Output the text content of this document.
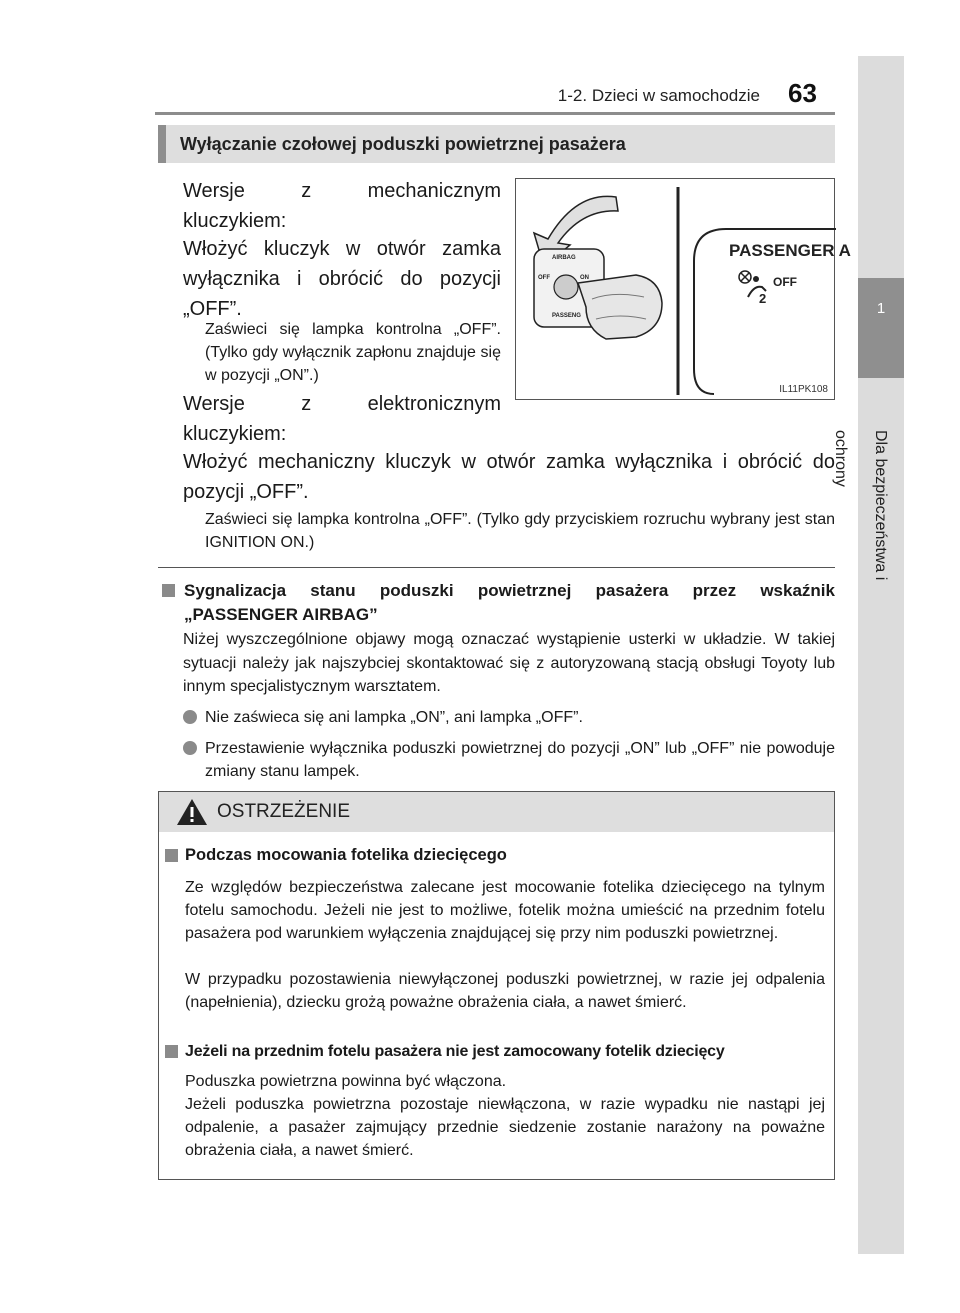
1-2. Dzieci w samochodzie 63
1
Dla bezpieczeństwa i ochrony
Wyłączanie czołowej poduszki powietrznej pasażera
Wersje z mechanicznym kluczykiem:
Włożyć kluczyk w otwór zamka wyłącznika i obrócić do pozycji „OFF”.
Zaświeci się lampka kontrolna „OFF”. (Tylko gdy wyłącznik zapłonu znajduje się w pozycji „ON”.)
2
PASSENGER A
OFF
AIRBAG
OFF	ON
PASSENG
IL11PK108
Wersje z elektronicznym kluczykiem:
Włożyć mechaniczny kluczyk w otwór zamka wyłącznika i obrócić do pozycji „OFF”.
Zaświeci się lampka kontrolna „OFF”. (Tylko gdy przyciskiem rozruchu wybrany jest stan IGNITION ON.)
Sygnalizacja stanu poduszki powietrznej pasażera przez wskaźnik „PASSENGER AIRBAG”
Niżej wyszczególnione objawy mogą oznaczać wystąpienie usterki w układzie. W takiej sytuacji należy jak najszybciej skontaktować się z autoryzowaną stacją obsługi Toyoty lub innym specjalistycznym warsztatem.
Nie zaświeca się ani lampka „ON”, ani lampka „OFF”.
Przestawienie wyłącznika poduszki powietrznej do pozycji „ON” lub „OFF” nie powoduje zmiany stanu lampek.
OSTRZEŻENIE
Podczas mocowania fotelika dziecięcego
Ze względów bezpieczeństwa zalecane jest mocowanie fotelika dziecięcego na tylnym fotelu samochodu. Jeżeli nie jest to możliwe, fotelik można umieścić na przednim fotelu pasażera pod warunkiem wyłączenia znajdującej się przy nim poduszki powietrznej.
W przypadku pozostawienia niewyłączonej poduszki powietrznej, w razie jej odpalenia (napełnienia), dziecku grożą poważne obrażenia ciała, a nawet śmierć.
Jeżeli na przednim fotelu pasażera nie jest zamocowany fotelik dziecięcy
Poduszka powietrzna powinna być włączona.
Jeżeli poduszka powietrzna pozostaje niewłączona, w razie wypadku nie nastąpi jej odpalenie, a pasażer zajmujący przednie siedzenie zostanie narażony na poważne obrażenia ciała, a nawet śmierć.
